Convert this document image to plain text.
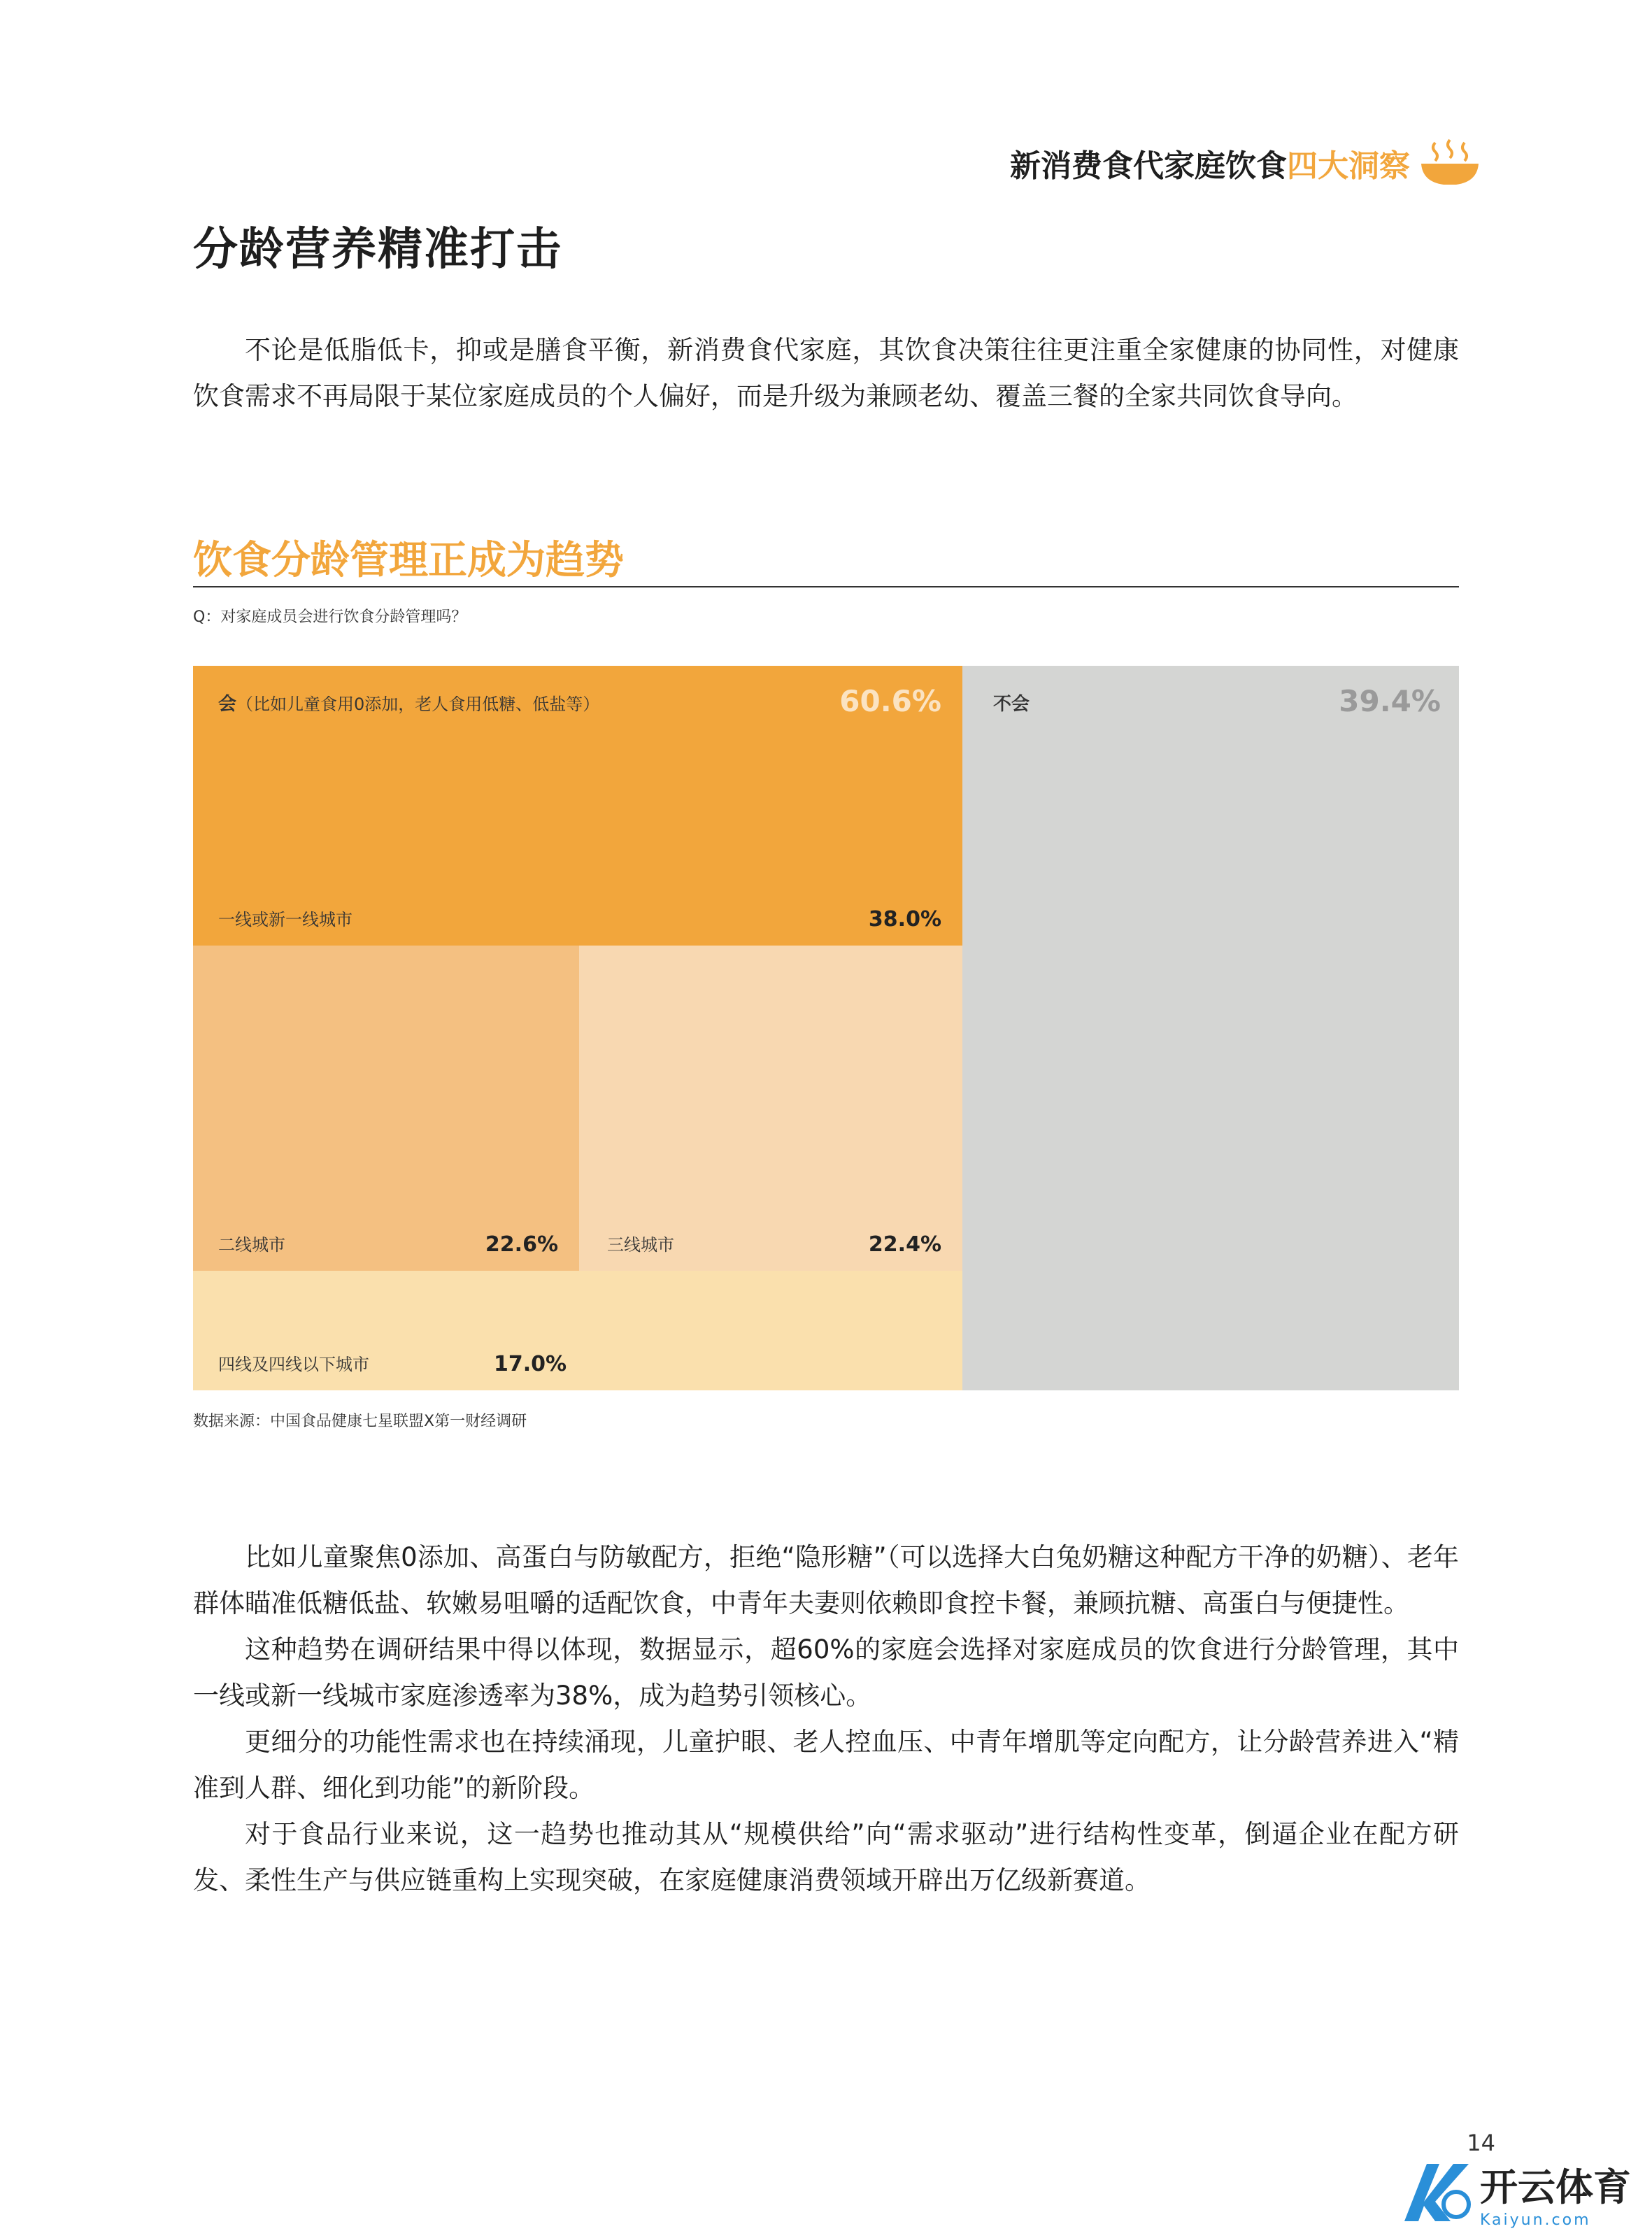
新消费食代家庭饮食 四大洞察
分龄营养精准打击

不论是低脂低卡，抑或是膳食平衡，新消费食代家庭，其饮食决策往往更注重全家健康的协同性，对健康饮食需求不再局限于某位家庭成员的个人偏好，而是升级为兼顾老幼、覆盖三餐的全家共同饮食导向。

饮食分龄管理正成为趋势
Q：对家庭成员会进行饮食分龄管理吗？
会（比如儿童食用0添加，老人食用低糖、低盐等）	60.6%
一线或新一线城市	38.0%
二线城市	22.6%	三线城市	22.4%
四线及四线以下城市	17.0%
不会	39.4%
数据来源：中国食品健康七星联盟X第一财经调研

比如儿童聚焦0添加、高蛋白与防敏配方，拒绝“隐形糖”（可以选择大白兔奶糖这种配方干净的奶糖）、老年群体瞄准低糖低盐、软嫩易咀嚼的适配饮食，中青年夫妻则依赖即食控卡餐，兼顾抗糖、高蛋白与便捷性。

这种趋势在调研结果中得以体现，数据显示，超60%的家庭会选择对家庭成员的饮食进行分龄管理，其中一线或新一线城市家庭渗透率为38%，成为趋势引领核心。

更细分的功能性需求也在持续涌现，儿童护眼、老人控血压、中青年增肌等定向配方，让分龄营养进入“精准到人群、细化到功能”的新阶段。

对于食品行业来说，这一趋势也推动其从“规模供给”向“需求驱动”进行结构性变革，倒逼企业在配方研发、柔性生产与供应链重构上实现突破，在家庭健康消费领域开辟出万亿级新赛道。

14
开云体育
Kaiyun.com
